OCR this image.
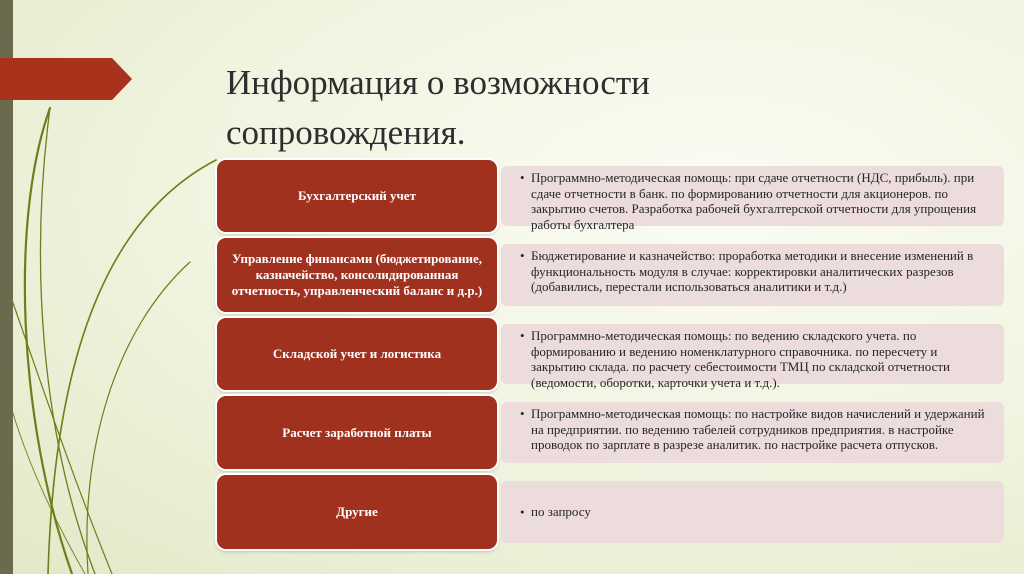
Информация о возможности
сопровождения.
Бухгалтерский учет
• Программно-методическая помощь: при сдаче отчетности (НДС, прибыль). при сдаче отчетности в банк. по формированию отчетности для акционеров. по закрытию счетов. Разработка рабочей бухгалтерской отчетности для упрощения работы бухгалтера
Управление финансами (бюджетирование, казначейство, консолидированная отчетность, управленческий баланс и д.р.)
• Бюджетирование и казначейство: проработка методики и внесение изменений в функциональность модуля в случае: корректировки аналитических разрезов (добавились, перестали использоваться аналитики и т.д.)
Складской учет и логистика
• Программно-методическая помощь: по ведению складского учета. по формированию и ведению номенклатурного справочника. по пересчету и закрытию склада. по расчету себестоимости ТМЦ по складской отчетности (ведомости, оборотки, карточки учета и т.д.).
Расчет заработной платы
• Программно-методическая помощь: по настройке видов начислений и удержаний на предприятии. по ведению табелей сотрудников предприятия. в настройке проводок по зарплате в разрезе аналитик. по настройке расчета отпусков.
Другие	• по запросу
